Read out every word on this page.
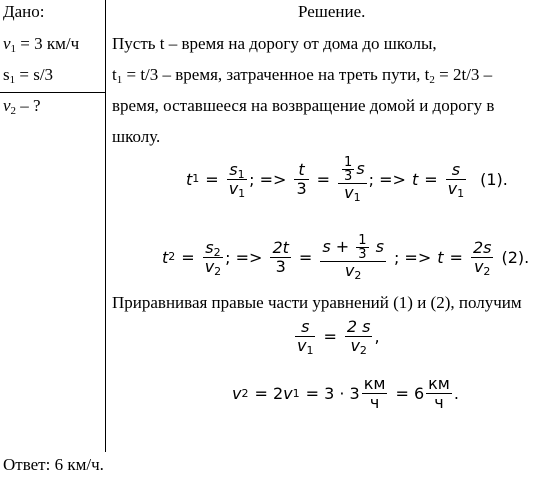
Дано:
$v_1 = 3$ км/ч
$s_1 = s/3$
$v_2$ – ?
Решение.
Пусть t – время на дорогу от дома до школы,
$t_1 = t/3$ – время, затраченное на треть пути, $t_2 = 2t/3$ –
время, оставшееся на возвращение домой и дорогу в
школу.
t $1 = \frac{s_1}{v_1}$ ; => $\frac{t}{3} = \frac{\frac{1}{3} s}{v_1}$ ; => $t = \frac{s}{v_1} (1)$.
t $2 = \frac{s_2}{v_2}$ ; => $\frac{2t}{3} = \frac{s + \frac{1}{3} s}{v_2}$ ; => $t = \frac{2s}{v_2} (2)$.
Приравнивая правые части уравнений (1) и (2), получим
$\frac{s}{v_1} = \frac{2 s}{v_2}$ ,
v 2 = 2 v $1 = 3 \cdot 3 \frac{км}{ч} = 6 \frac{км}{ч}$ .
Ответ: 6 км/ч.
